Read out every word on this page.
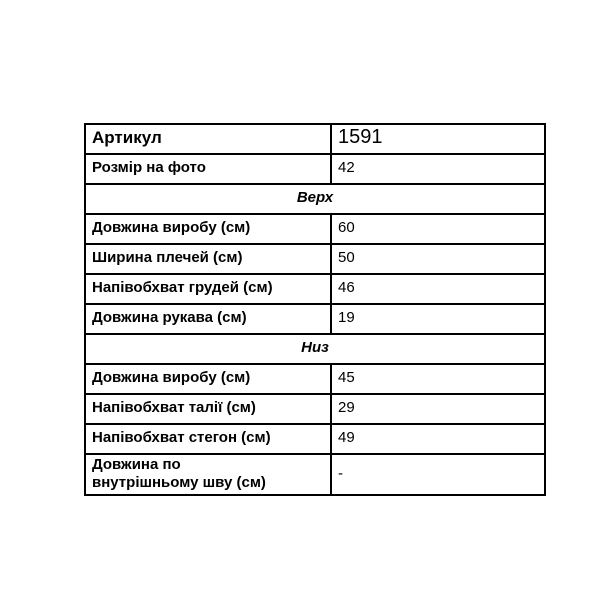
Артикул	1591
Розмір на фото	42
Верх	
Довжина виробу (см)	60
Ширина плечей (см)	50
Напівобхват грудей (см)	46
Довжина рукава (см)	19
Низ	
Довжина виробу (см)	45
Напівобхват талії (см)	29
Напівобхват стегон (см)	49

Довжина по
внутрішньому шву (см)	-
